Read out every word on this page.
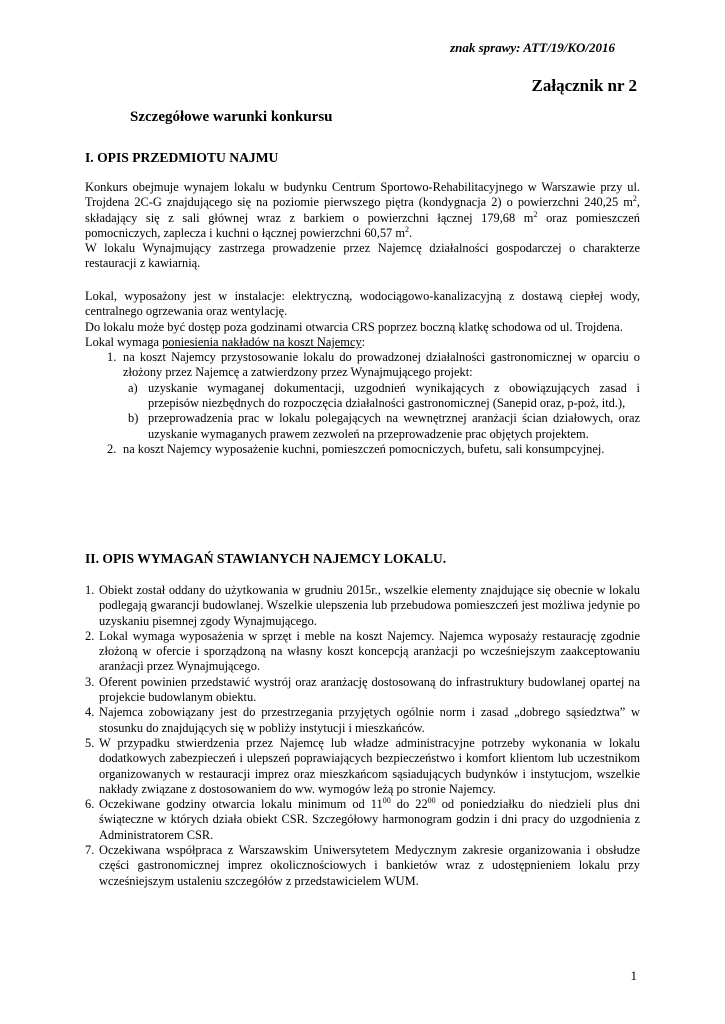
znak sprawy: ATT/19/KO/2016
Załącznik nr 2
Szczegółowe warunki konkursu
I. OPIS PRZEDMIOTU NAJMU

Konkurs obejmuje wynajem lokalu w budynku Centrum Sportowo-Rehabilitacyjnego w Warszawie przy ul. Trojdena 2C-G znajdującego się na poziomie pierwszego piętra (kondygnacja 2) o powierzchni 240,25 $m^2$, składający się z sali głównej wraz z barkiem o powierzchni łącznej 179,68 $m^2$ oraz pomieszczeń pomocniczych, zaplecza i kuchni o łącznej powierzchni 60,57 $m^2$.

W lokalu Wynajmujący zastrzega prowadzenie przez Najemcę działalności gospodarczej o charakterze restauracji z kawiarnią.

Lokal, wyposażony jest w instalacje: elektryczną, wodociągowo-kanalizacyjną z dostawą ciepłej wody, centralnego ogrzewania oraz wentylację.

Do lokalu może być dostęp poza godzinami otwarcia CRS poprzez boczną klatkę schodowa od ul. Trojdena.

Lokal wymaga poniesienia nakładów na koszt Najemcy:

1. na koszt Najemcy przystosowanie lokalu do prowadzonej działalności gastronomicznej w oparciu o złożony przez Najemcę a zatwierdzony przez Wynajmującego projekt:
a) uzyskanie wymaganej dokumentacji, uzgodnień wynikających z obowiązujących zasad i przepisów niezbędnych do rozpoczęcia działalności gastronomicznej (Sanepid oraz, p-poż, itd.),
b) przeprowadzenia prac w lokalu polegających na wewnętrznej aranżacji ścian działowych, oraz uzyskanie wymaganych prawem zezwoleń na przeprowadzenie prac objętych projektem.
2. na koszt Najemcy wyposażenie kuchni, pomieszczeń pomocniczych, bufetu, sali konsumpcyjnej.
II. OPIS WYMAGAŃ STAWIANYCH NAJEMCY LOKALU.
1. Obiekt został oddany do użytkowania w grudniu 2015r., wszelkie elementy znajdujące się obecnie w lokalu podlegają gwarancji budowlanej. Wszelkie ulepszenia lub przebudowa pomieszczeń jest możliwa jedynie po uzyskaniu pisemnej zgody Wynajmującego.
2. Lokal wymaga wyposażenia w sprzęt i meble na koszt Najemcy. Najemca wyposaży restaurację zgodnie złożoną w ofercie i sporządzoną na własny koszt koncepcją aranżacji po wcześniejszym zaakceptowaniu aranżacji przez Wynajmującego.
3. Oferent powinien przedstawić wystrój oraz aranżację dostosowaną do infrastruktury budowlanej opartej na projekcie budowlanym obiektu.
4. Najemca zobowiązany jest do przestrzegania przyjętych ogólnie norm i zasad „dobrego sąsiedztwa” w stosunku do znajdujących się w pobliży instytucji i mieszkańców.
5. W przypadku stwierdzenia przez Najemcę lub władze administracyjne potrzeby wykonania w lokalu dodatkowych zabezpieczeń i ulepszeń poprawiających bezpieczeństwo i komfort klientom lub uczestnikom organizowanych w restauracji imprez oraz mieszkańcom sąsiadujących budynków i instytucjom, wszelkie nakłady związane z dostosowaniem do ww. wymogów leżą po stronie Najemcy.
6. Oczekiwane godziny otwarcia lokalu minimum od $11^{00}$ do $22^{00}$ od poniedziałku do niedzieli plus dni świąteczne w których działa obiekt CSR. Szczegółowy harmonogram godzin i dni pracy do uzgodnienia z Administratorem CSR.
7. Oczekiwana współpraca z Warszawskim Uniwersytetem Medycznym zakresie organizowania i obsłudze części gastronomicznej imprez okolicznościowych i bankietów wraz z udostępnieniem lokalu przy wcześniejszym ustaleniu szczegółów z przedstawicielem WUM.
1
